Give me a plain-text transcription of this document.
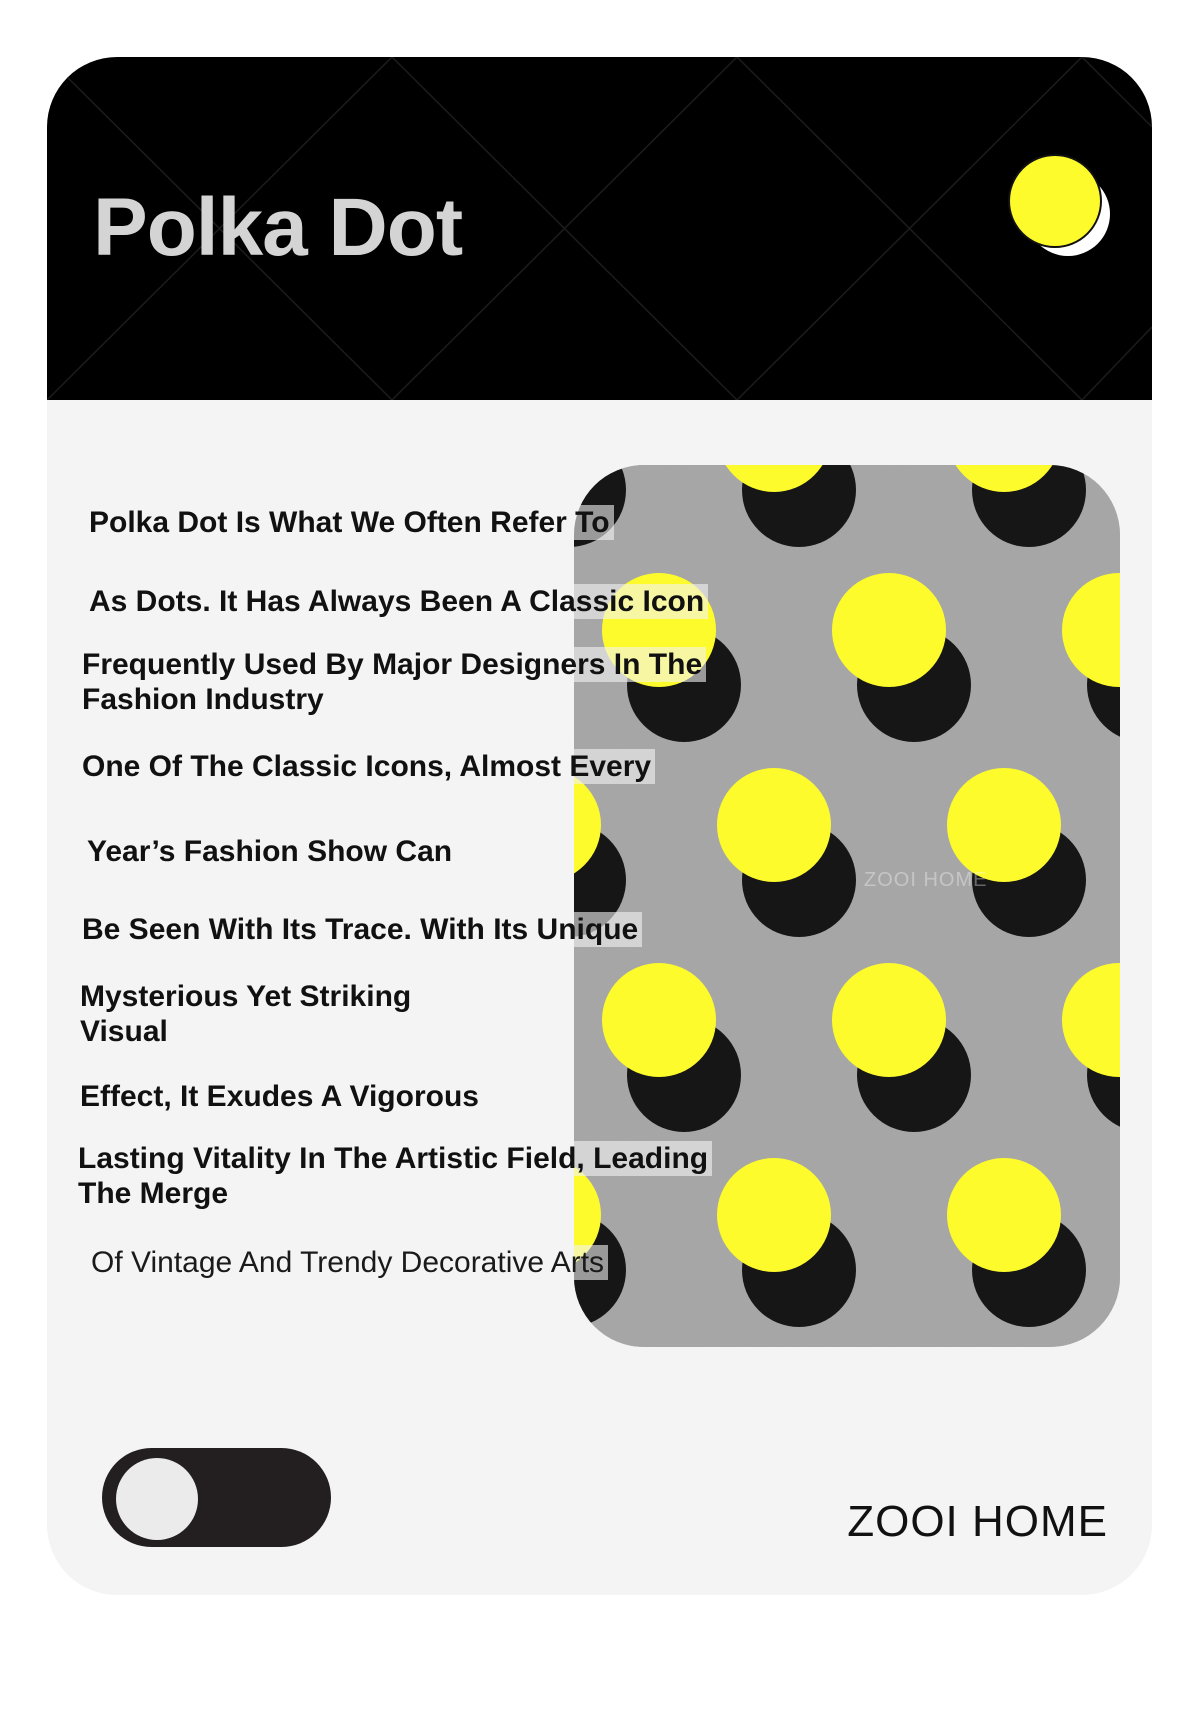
Polka Dot
ZOOI HOME
Polka Dot Is What We Often Refer To
As Dots. It Has Always Been A Classic Icon
Frequently Used By Major Designers In The
Fashion Industry
One Of The Classic Icons, Almost Every
Year’s Fashion Show Can
Be Seen With Its Trace. With Its Unique
Mysterious Yet Striking
Visual
Effect, It Exudes A Vigorous
Lasting Vitality In The Artistic Field, Leading
The Merge
Of Vintage And Trendy Decorative Arts
ZOOI HOME
